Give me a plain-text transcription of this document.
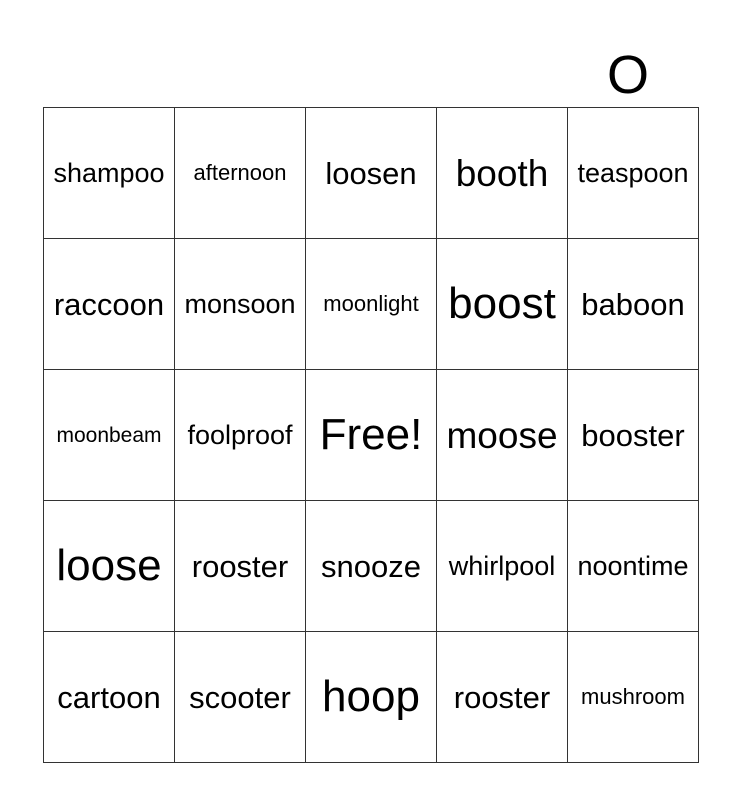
O
shampoo	afternoon	loosen	booth	teaspoon
raccoon	monsoon	moonlight	boost	baboon
moonbeam	foolproof	Free!	moose	booster
loose	rooster	snooze	whirlpool	noontime
cartoon	scooter	hoop	rooster	mushroom
